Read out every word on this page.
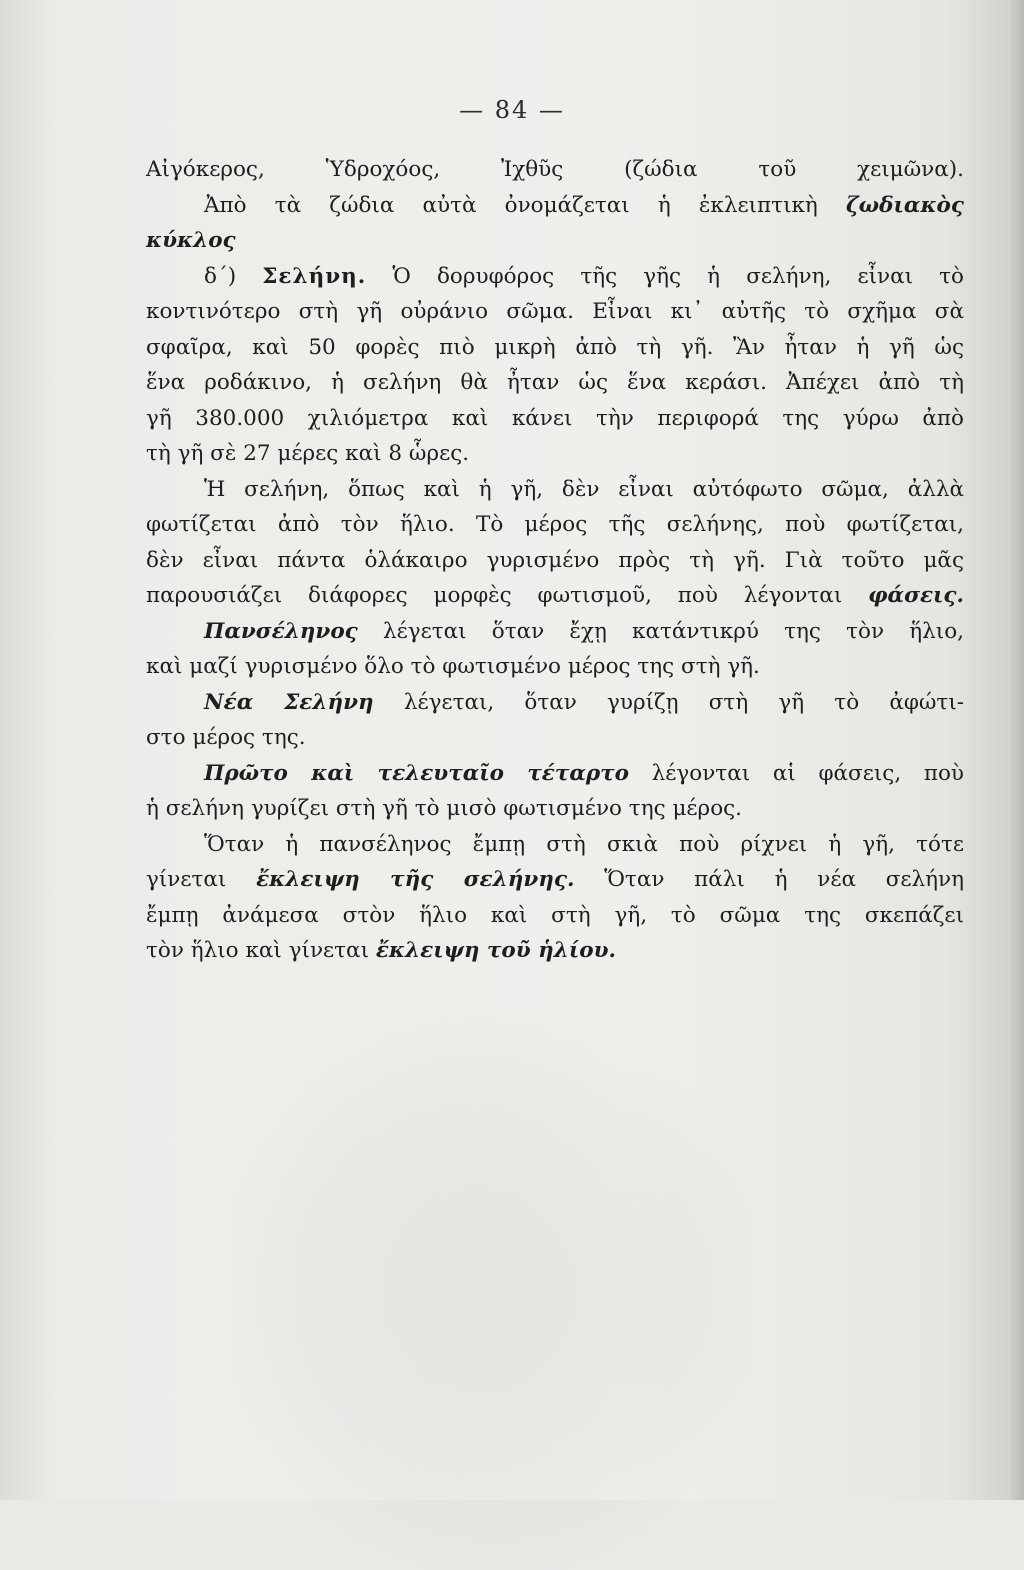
— 84 —
Αἰγόκερος, Ὑδροχόος, Ἰχθῦς (ζώδια τοῦ χειμῶνα).
Ἀπὸ τὰ ζώδια αὐτὰ ὀνομάζεται ἡ ἐκλειπτικὴ ζωδιακὸς
κύκλος
δ΄) Σελήνη. Ὁ δορυφόρος τῆς γῆς ἡ σελήνη, εἶναι τὸ
κοντινότερο στὴ γῆ οὐράνιο σῶμα. Εἶναι κι᾽ αὐτῆς τὸ σχῆμα σὰ
σφαῖρα, καὶ 50 φορὲς πιὸ μικρὴ ἀπὸ τὴ γῆ. Ἂν ἦταν ἡ γῆ ὡς
ἕνα ροδάκινο, ἡ σελήνη θὰ ἦταν ὡς ἕνα κεράσι. Ἀπέχει ἀπὸ τὴ
γῆ 380.000 χιλιόμετρα καὶ κάνει τὴν περιφορά της γύρω ἀπὸ
τὴ γῆ σὲ 27 μέρες καὶ 8 ὧρες.
Ἡ σελήνη, ὅπως καὶ ἡ γῆ, δὲν εἶναι αὐτόφωτο σῶμα, ἀλλὰ
φωτίζεται ἀπὸ τὸν ἥλιο. Τὸ μέρος τῆς σελήνης, ποὺ φωτίζεται,
δὲν εἶναι πάντα ὁλάκαιρο γυρισμένο πρὸς τὴ γῆ. Γιὰ τοῦτο μᾶς
παρουσιάζει διάφορες μορφὲς φωτισμοῦ, ποὺ λέγονται φάσεις.
Πανσέληνος λέγεται ὅταν ἔχῃ κατάντικρύ της τὸν ἥλιο,
καὶ μαζί γυρισμένο ὅλο τὸ φωτισμένο μέρος της στὴ γῆ.
Νέα Σελήνη λέγεται, ὅταν γυρίζῃ στὴ γῆ τὸ ἀφώτι-
στο μέρος της.
Πρῶτο καὶ τελευταῖο τέταρτο λέγονται αἱ φάσεις, ποὺ
ἡ σελήνη γυρίζει στὴ γῆ τὸ μισὸ φωτισμένο της μέρος.
Ὅταν ἡ πανσέληνος ἔμπῃ στὴ σκιὰ ποὺ ρίχνει ἡ γῆ, τότε
γίνεται ἔκλειψη τῆς σελήνης. Ὅταν πάλι ἡ νέα σελήνη
ἔμπῃ ἀνάμεσα στὸν ἥλιο καὶ στὴ γῆ, τὸ σῶμα της σκεπάζει
τὸν ἥλιο καὶ γίνεται ἔκλειψη τοῦ ἡλίου.
